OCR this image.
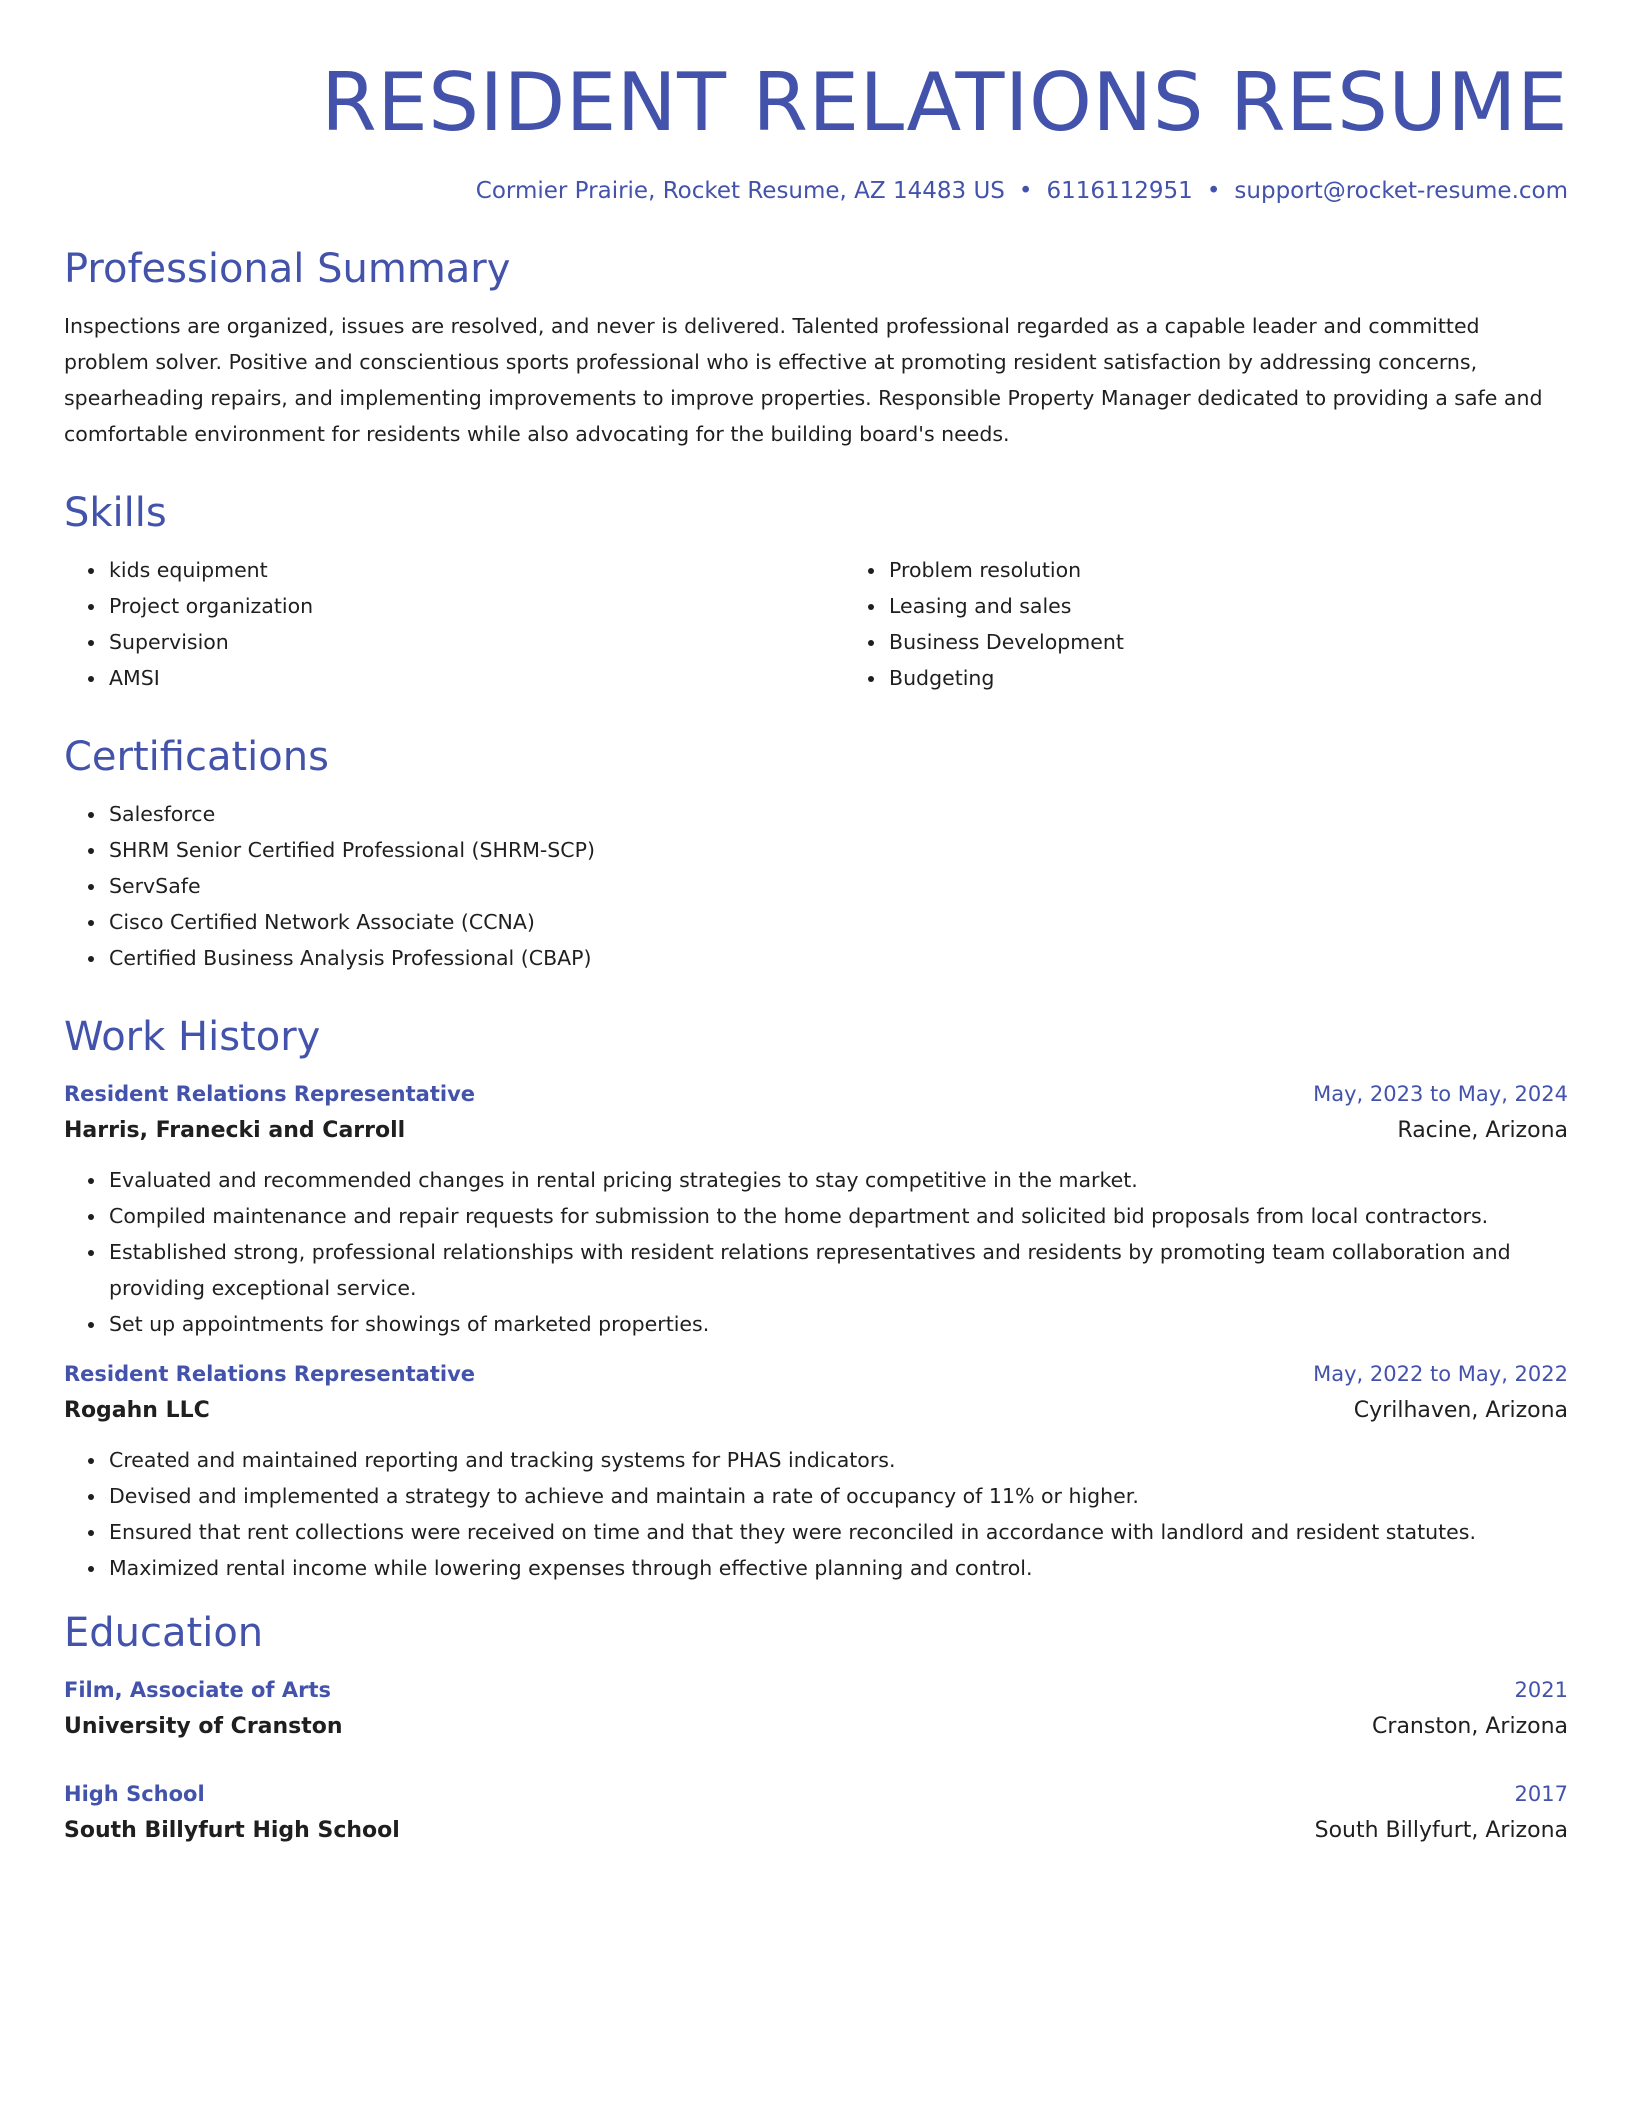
RESIDENT RELATIONS RESUME
Cormier Prairie, Rocket Resume, AZ 14483 US • 6116112951 • support@rocket-resume.com
Professional Summary

Inspections are organized, issues are resolved, and never is delivered. Talented professional regarded as a capable leader and committed problem solver. Positive and conscientious sports professional who is effective at promoting resident satisfaction by addressing concerns, spearheading repairs, and implementing improvements to improve properties. Responsible Property Manager dedicated to providing a safe and comfortable environment for residents while also advocating for the building board's needs.

Skills
• kids equipment
• Project organization
• Supervision
• AMSI
• Problem resolution
• Leasing and sales
• Business Development
• Budgeting
Certifications
• Salesforce
• SHRM Senior Certified Professional (SHRM-SCP)
• ServSafe
• Cisco Certified Network Associate (CCNA)
• Certified Business Analysis Professional (CBAP)
Work History
Resident Relations Representative	May, 2023 to May, 2024
Harris, Franecki and Carroll	Racine, Arizona
• Evaluated and recommended changes in rental pricing strategies to stay competitive in the market.
• Compiled maintenance and repair requests for submission to the home department and solicited bid proposals from local contractors.
• Established strong, professional relationships with resident relations representatives and residents by promoting team collaboration and providing exceptional service.
• Set up appointments for showings of marketed properties.
Resident Relations Representative	May, 2022 to May, 2022
Rogahn LLC	Cyrilhaven, Arizona
• Created and maintained reporting and tracking systems for PHAS indicators.
• Devised and implemented a strategy to achieve and maintain a rate of occupancy of 11% or higher.
• Ensured that rent collections were received on time and that they were reconciled in accordance with landlord and resident statutes.
• Maximized rental income while lowering expenses through effective planning and control.
Education
Film, Associate of Arts	2021
University of Cranston	Cranston, Arizona
High School	2017
South Billyfurt High School	South Billyfurt, Arizona
